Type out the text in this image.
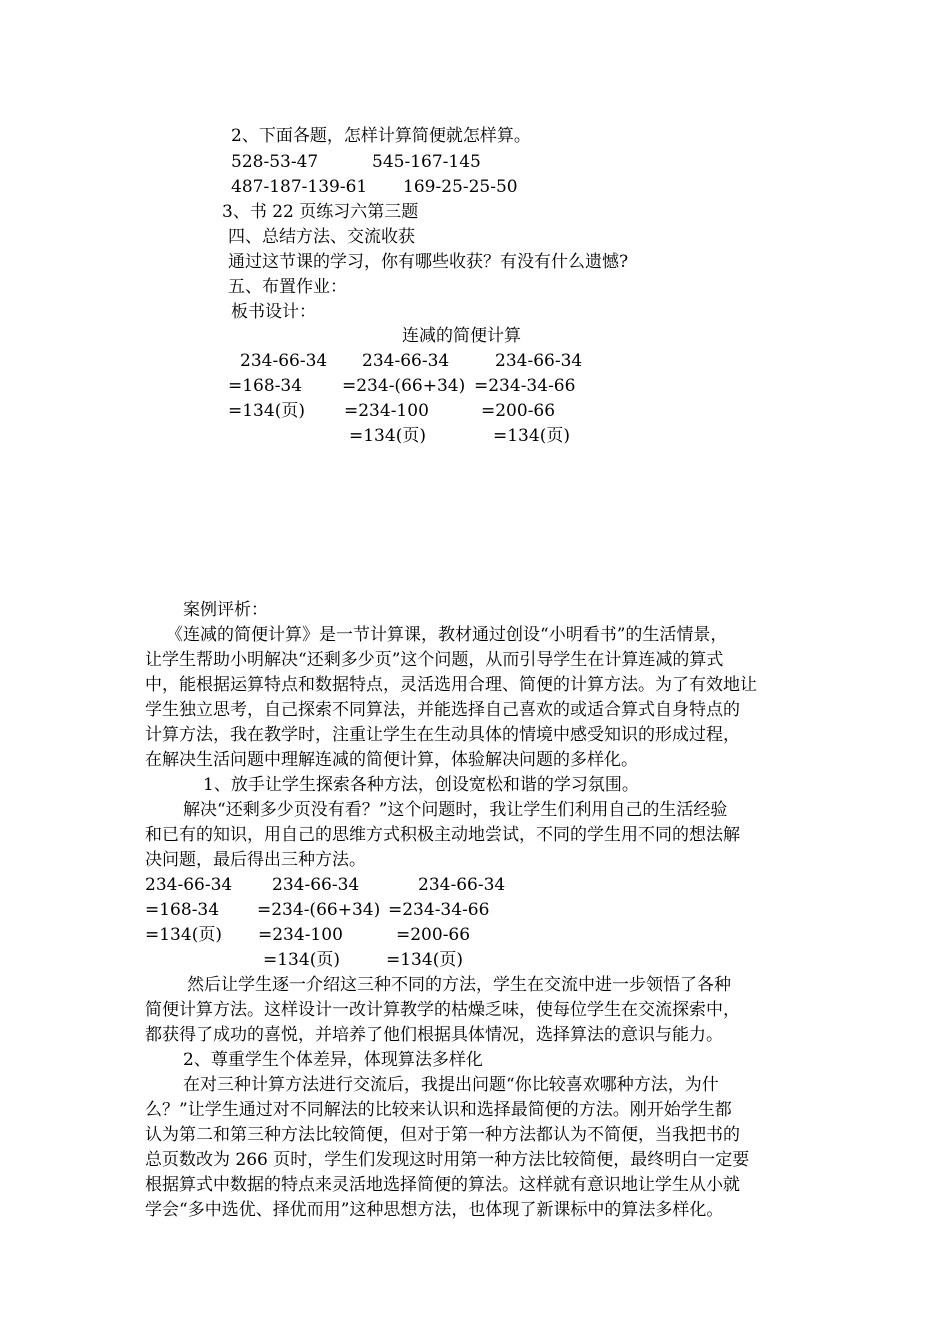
2、下面各题，怎样计算简便就怎样算。
528-53-47	545-167-145
487-187-139-61 169-25-25-50
3、书 22 页练习六第三题
四、总结方法、交流收获
通过这节课的学习，你有哪些收获？有没有什么遗憾?
五、布置作业：
板书设计：
连减的简便计算
234-66-34
=168-34
=134(页)
234-66-34
=234-(66+34)
=234-100
=134(页)
234-66-34
=234-34-66
=200-66
=134(页)
案例评析：
《连减的简便计算》是一节计算课，教材通过创设“小明看书”的生活情景，
让学生帮助小明解决“还剩多少页”这个问题，从而引导学生在计算连减的算式
中，能根据运算特点和数据特点，灵活选用合理、简便的计算方法。为了有效地让
学生独立思考，自己探索不同算法，并能选择自己喜欢的或适合算式自身特点的
计算方法，我在教学时，注重让学生在生动具体的情境中感受知识的形成过程，
在解决生活问题中理解连减的简便计算，体验解决问题的多样化。
1、放手让学生探索各种方法，创设宽松和谐的学习氛围。
解决“还剩多少页没有看？”这个问题时，我让学生们利用自己的生活经验
和已有的知识，用自己的思维方式积极主动地尝试，不同的学生用不同的想法解
决问题，最后得出三种方法。
234-66-34
=168-34
=134(页)
234-66-34
=234-(66+34)
=234-100
=134(页)
234-66-34
=234-34-66
=200-66
=134(页)
然后让学生逐一介绍这三种不同的方法，学生在交流中进一步领悟了各种
简便计算方法。这样设计一改计算教学的枯燥乏味，使每位学生在交流探索中，
都获得了成功的喜悦，并培养了他们根据具体情况，选择算法的意识与能力。
2、尊重学生个体差异，体现算法多样化
在对三种计算方法进行交流后，我提出问题“你比较喜欢哪种方法，为什
么？”让学生通过对不同解法的比较来认识和选择最简便的方法。刚开始学生都
认为第二和第三种方法比较简便，但对于第一种方法都认为不简便，当我把书的
总页数改为 266 页时，学生们发现这时用第一种方法比较简便，最终明白一定要
根据算式中数据的特点来灵活地选择简便的算法。这样就有意识地让学生从小就
学会“多中选优、择优而用”这种思想方法，也体现了新课标中的算法多样化。
